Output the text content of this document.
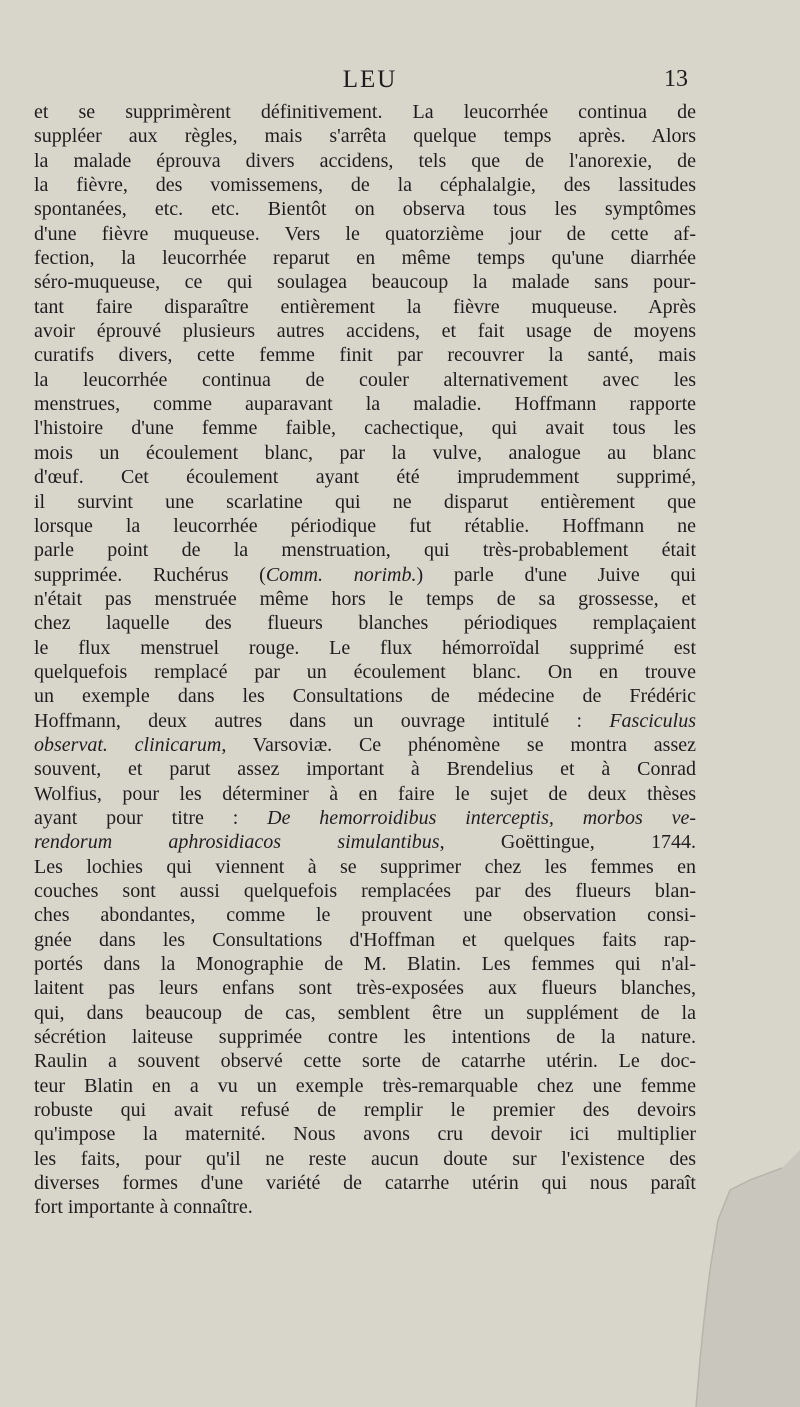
LEU	13
et se supprimèrent définitivement. La leucorrhée continua de
suppléer aux règles, mais s'arrêta quelque temps après. Alors
la malade éprouva divers accidens, tels que de l'anorexie, de
la fièvre, des vomissemens, de la céphalalgie, des lassitudes
spontanées, etc. etc. Bientôt on observa tous les symptômes
d'une fièvre muqueuse. Vers le quatorzième jour de cette af-
fection, la leucorrhée reparut en même temps qu'une diarrhée
séro-muqueuse, ce qui soulagea beaucoup la malade sans pour-
tant faire disparaître entièrement la fièvre muqueuse. Après
avoir éprouvé plusieurs autres accidens, et fait usage de moyens
curatifs divers, cette femme finit par recouvrer la santé, mais
la leucorrhée continua de couler alternativement avec les
menstrues, comme auparavant la maladie. Hoffmann rapporte
l'histoire d'une femme faible, cachectique, qui avait tous les
mois un écoulement blanc, par la vulve, analogue au blanc
d'œuf. Cet écoulement ayant été imprudemment supprimé,
il survint une scarlatine qui ne disparut entièrement que
lorsque la leucorrhée périodique fut rétablie. Hoffmann ne
parle point de la menstruation, qui très-probablement était
supprimée. Ruchérus (Comm. norimb.) parle d'une Juive qui
n'était pas menstruée même hors le temps de sa grossesse, et
chez laquelle des flueurs blanches périodiques remplaçaient
le flux menstruel rouge. Le flux hémorroïdal supprimé est
quelquefois remplacé par un écoulement blanc. On en trouve
un exemple dans les Consultations de médecine de Frédéric
Hoffmann, deux autres dans un ouvrage intitulé : Fasciculus
observat. clinicarum, Varsoviæ. Ce phénomène se montra assez
souvent, et parut assez important à Brendelius et à Conrad
Wolfius, pour les déterminer à en faire le sujet de deux thèses
ayant pour titre : De hemorroidibus interceptis, morbos ve-
rendorum aphrosidiacos simulantibus, Goëttingue, 1744.
Les lochies qui viennent à se supprimer chez les femmes en
couches sont aussi quelquefois remplacées par des flueurs blan-
ches abondantes, comme le prouvent une observation consi-
gnée dans les Consultations d'Hoffman et quelques faits rap-
portés dans la Monographie de M. Blatin. Les femmes qui n'al-
laitent pas leurs enfans sont très-exposées aux flueurs blanches,
qui, dans beaucoup de cas, semblent être un supplément de la
sécrétion laiteuse supprimée contre les intentions de la nature.
Raulin a souvent observé cette sorte de catarrhe utérin. Le doc-
teur Blatin en a vu un exemple très-remarquable chez une femme
robuste qui avait refusé de remplir le premier des devoirs
qu'impose la maternité. Nous avons cru devoir ici multiplier
les faits, pour qu'il ne reste aucun doute sur l'existence des
diverses formes d'une variété de catarrhe utérin qui nous paraît
fort importante à connaître.
